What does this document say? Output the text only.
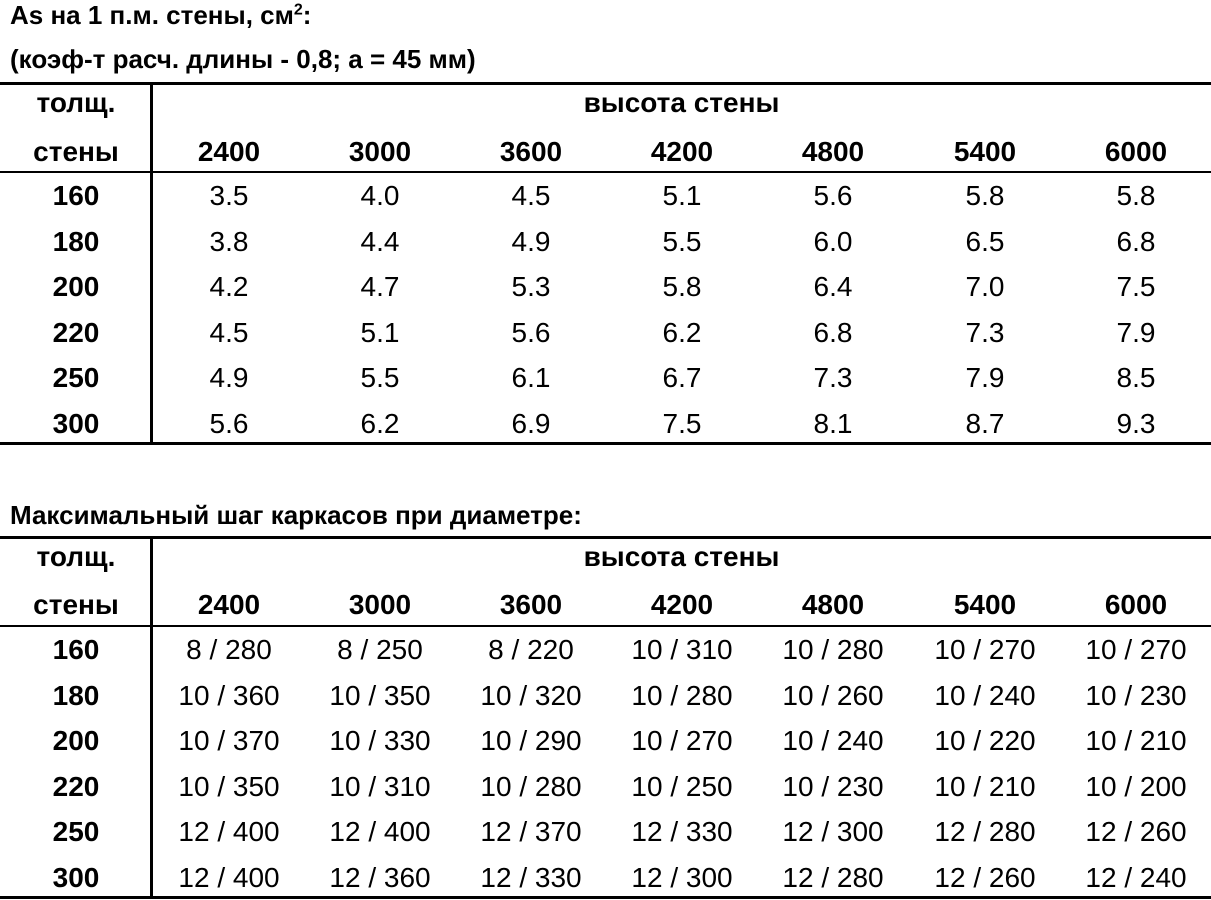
As на 1 п.м. стены, $см^2$:
(коэф-т расч. длины - 0,8; а = 45 мм)
толщ.
стены
высота стены
2400	3000	3600	4200	4800	5400	6000
160	3.5	4.0	4.5	5.1	5.6	5.8	5.8
180	3.8	4.4	4.9	5.5	6.0	6.5	6.8
200	4.2	4.7	5.3	5.8	6.4	7.0	7.5
220	4.5	5.1	5.6	6.2	6.8	7.3	7.9
250	4.9	5.5	6.1	6.7	7.3	7.9	8.5
300	5.6	6.2	6.9	7.5	8.1	8.7	9.3
Максимальный шаг каркасов при диаметре:
толщ.
стены
высота стены
2400	3000	3600	4200	4800	5400	6000
160	8 / 280	8 / 250	8 / 220	10 / 310	10 / 280	10 / 270	10 / 270
180	10 / 360	10 / 350	10 / 320	10 / 280	10 / 260	10 / 240	10 / 230
200	10 / 370	10 / 330	10 / 290	10 / 270	10 / 240	10 / 220	10 / 210
220	10 / 350	10 / 310	10 / 280	10 / 250	10 / 230	10 / 210	10 / 200
250	12 / 400	12 / 400	12 / 370	12 / 330	12 / 300	12 / 280	12 / 260
300	12 / 400	12 / 360	12 / 330	12 / 300	12 / 280	12 / 260	12 / 240
